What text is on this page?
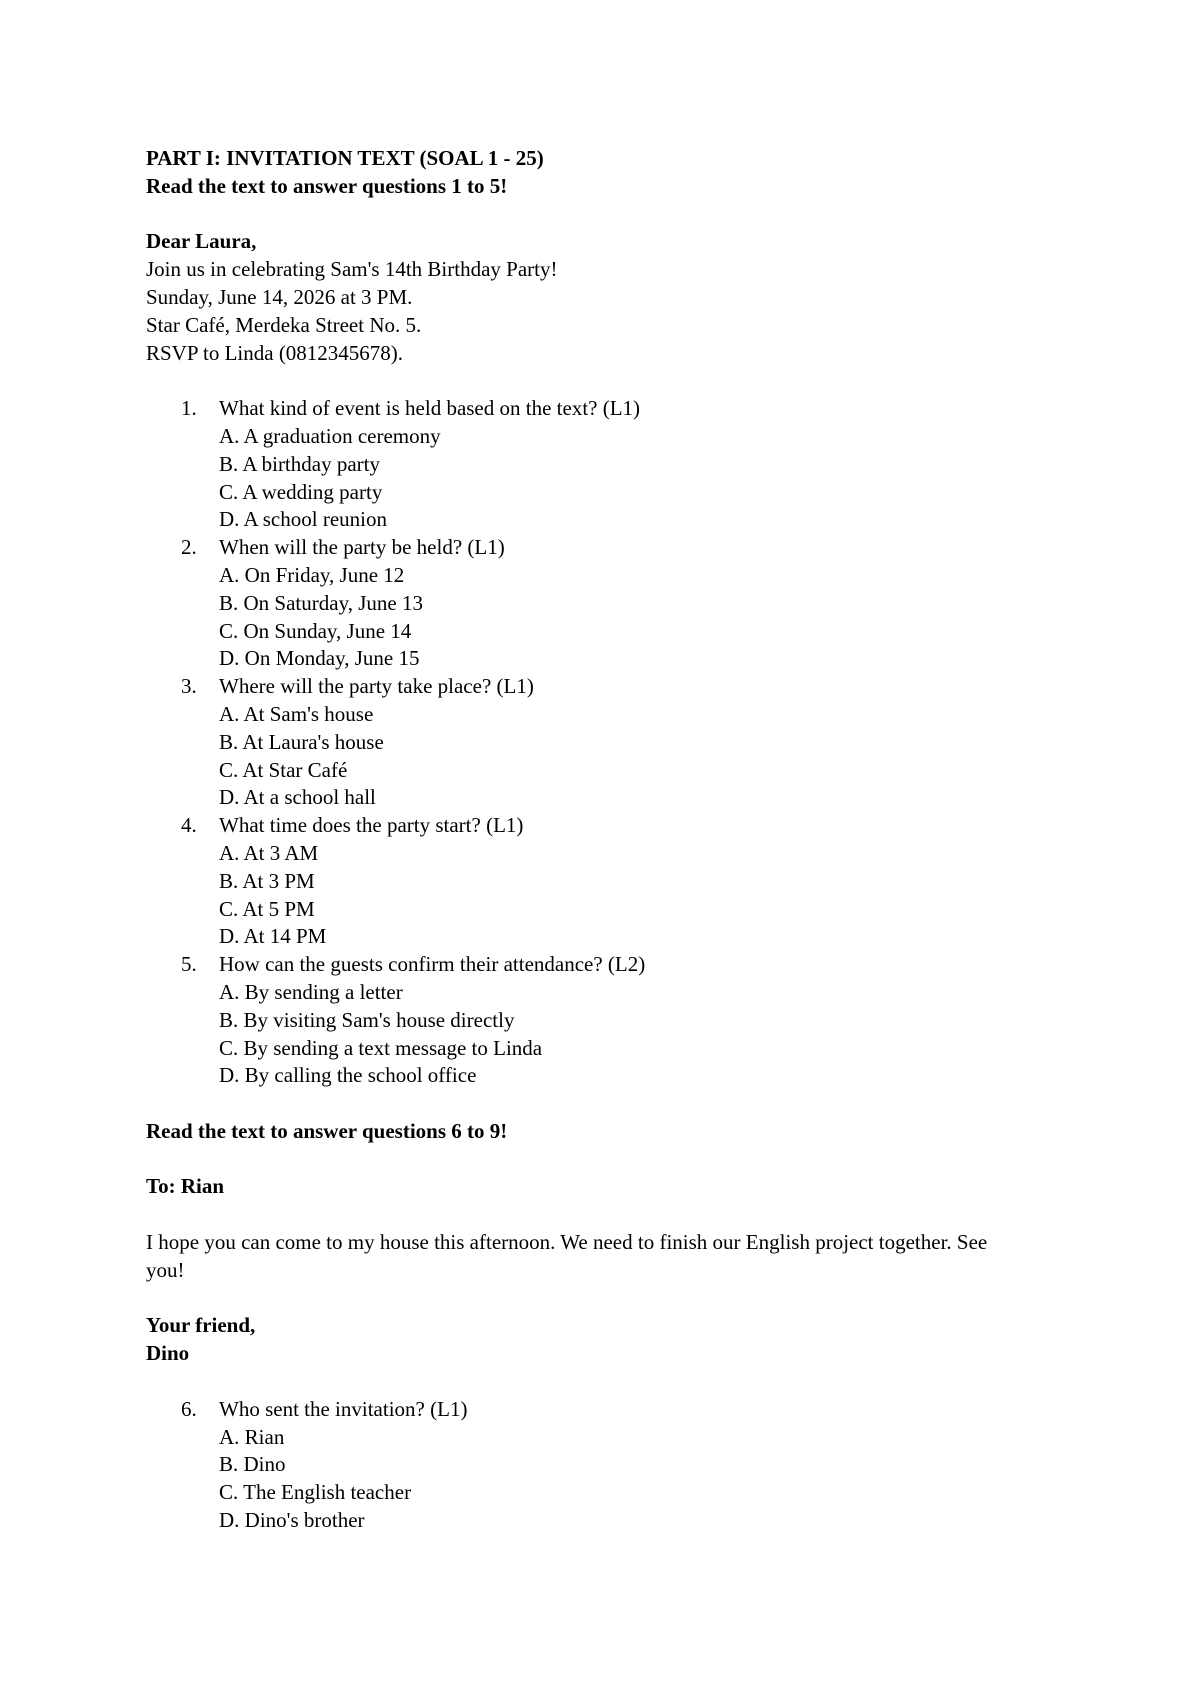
PART I: INVITATION TEXT (SOAL 1 - 25)
Read the text to answer questions 1 to 5!
Dear Laura,
Join us in celebrating Sam's 14th Birthday Party!
Sunday, June 14, 2026 at 3 PM.
Star Café, Merdeka Street No. 5.
RSVP to Linda (0812345678).
1. What kind of event is held based on the text? (L1)
A. A graduation ceremony
B. A birthday party
C. A wedding party
D. A school reunion
2. When will the party be held? (L1)
A. On Friday, June 12
B. On Saturday, June 13
C. On Sunday, June 14
D. On Monday, June 15
3. Where will the party take place? (L1)
A. At Sam's house
B. At Laura's house
C. At Star Café
D. At a school hall
4. What time does the party start? (L1)
A. At 3 AM
B. At 3 PM
C. At 5 PM
D. At 14 PM
5. How can the guests confirm their attendance? (L2)
A. By sending a letter
B. By visiting Sam's house directly
C. By sending a text message to Linda
D. By calling the school office
Read the text to answer questions 6 to 9!
To: Rian
I hope you can come to my house this afternoon. We need to finish our English project together. See you!
Your friend,
Dino
6. Who sent the invitation? (L1)
A. Rian
B. Dino
C. The English teacher
D. Dino's brother
